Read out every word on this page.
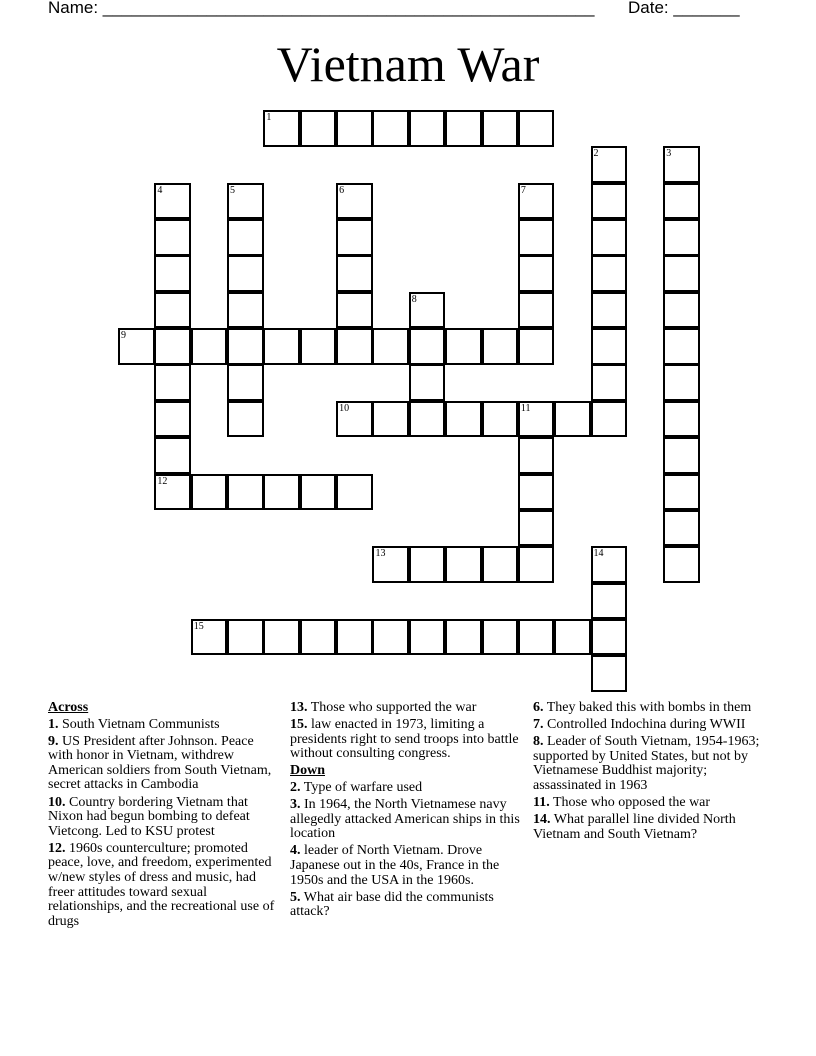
Name: ____________________________________________________ Date: _______
Vietnam War
1
2	3
4
12
5	6	7
8
9
10	11
13	14
15
Across
1. South Vietnam Communists
9. US President after Johnson. Peace with honor in Vietnam, withdrew American soldiers from South Vietnam, secret attacks in Cambodia
10. Country bordering Vietnam that Nixon had begun bombing to defeat Vietcong. Led to KSU protest
12. 1960s counterculture; promoted peace, love, and freedom, experimented w/new styles of dress and music, had freer attitudes toward sexual relationships, and the recreational use of drugs
13. Those who supported the war
15. law enacted in 1973, limiting a presidents right to send troops into battle without consulting congress.
Down
2. Type of warfare used
3. In 1964, the North Vietnamese navy allegedly attacked American ships in this location
4. leader of North Vietnam. Drove Japanese out in the 40s, France in the 1950s and the USA in the 1960s.
5. What air base did the communists attack?
6. They baked this with bombs in them
7. Controlled Indochina during WWII
8. Leader of South Vietnam, 1954-1963; supported by United States, but not by Vietnamese Buddhist majority; assassinated in 1963
11. Those who opposed the war
14. What parallel line divided North Vietnam and South Vietnam?
